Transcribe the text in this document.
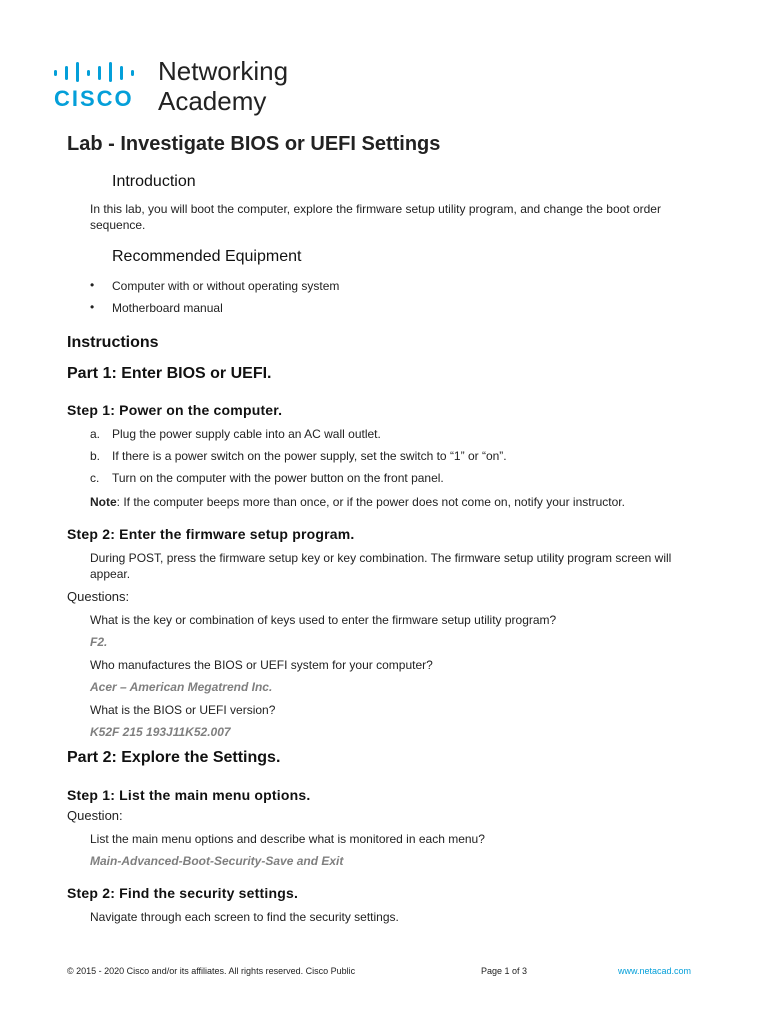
CISCO
Networking
Academy
Lab - Investigate BIOS or UEFI Settings
Introduction
In this lab, you will boot the computer, explore the firmware setup utility program, and change the boot order
sequence.
Recommended Equipment
• Computer with or without operating system
• Motherboard manual
Instructions
Part 1: Enter BIOS or UEFI.
Step 1: Power on the computer.
a. Plug the power supply cable into an AC wall outlet.
b. If there is a power switch on the power supply, set the switch to “1” or “on”.
c. Turn on the computer with the power button on the front panel.
Note: If the computer beeps more than once, or if the power does not come on, notify your instructor.
Step 2: Enter the firmware setup program.
During POST, press the firmware setup key or key combination. The firmware setup utility program screen will
appear.
Questions:
What is the key or combination of keys used to enter the firmware setup utility program?
F2.
Who manufactures the BIOS or UEFI system for your computer?
Acer – American Megatrend Inc.
What is the BIOS or UEFI version?
K52F 215 193J11K52.007
Part 2: Explore the Settings.
Step 1: List the main menu options.
Question:
List the main menu options and describe what is monitored in each menu?
Main-Advanced-Boot-Security-Save and Exit
Step 2: Find the security settings.
Navigate through each screen to find the security settings.
© 2015 - 2020 Cisco and/or its affiliates. All rights reserved. Cisco Public	Page 1 of 3	www.netacad.com
